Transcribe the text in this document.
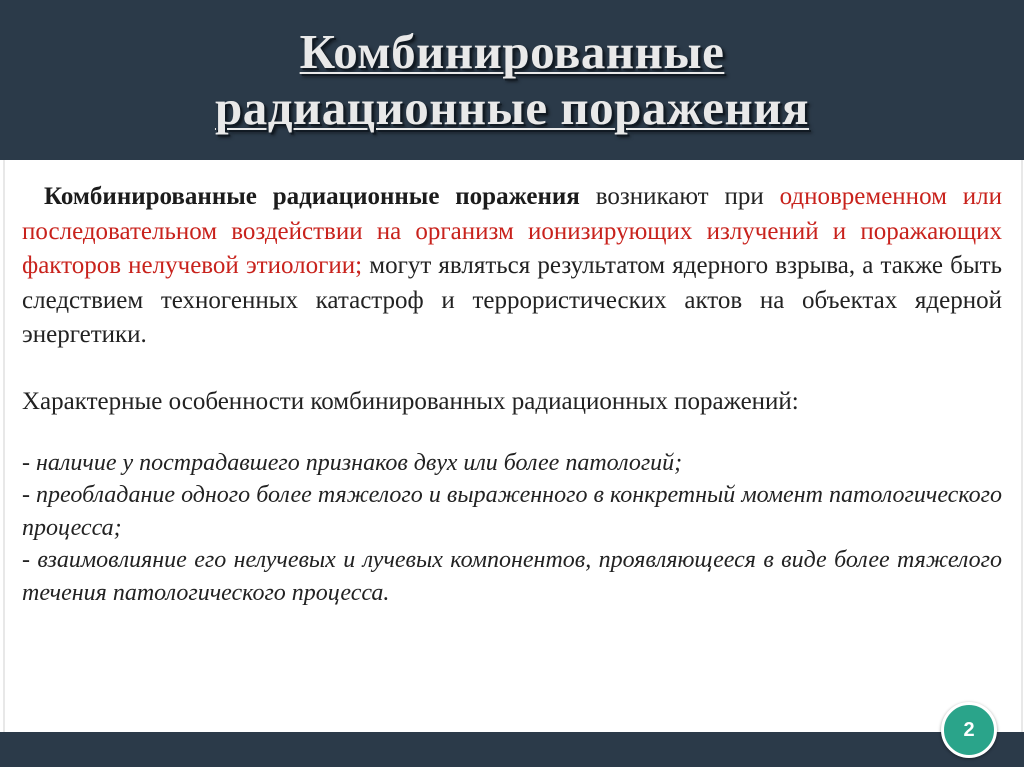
Комбинированные
радиационные поражения

Комбинированные радиационные поражения возникают при одновременном или последовательном воздействии на организм ионизирующих излучений и поражающих факторов нелучевой этиологии; могут являться результатом ядерного взрыва, а также быть следствием техногенных катастроф и террористических актов на объектах ядерной энергетики.

Характерные особенности комбинированных радиационных поражений:

- наличие у пострадавшего признаков двух или более патологий;
- преобладание одного более тяжелого и выраженного в конкретный момент патологического процесса;
- взаимовлияние его нелучевых и лучевых компонентов, проявляющееся в виде более тяжелого течения патологического процесса.
2
